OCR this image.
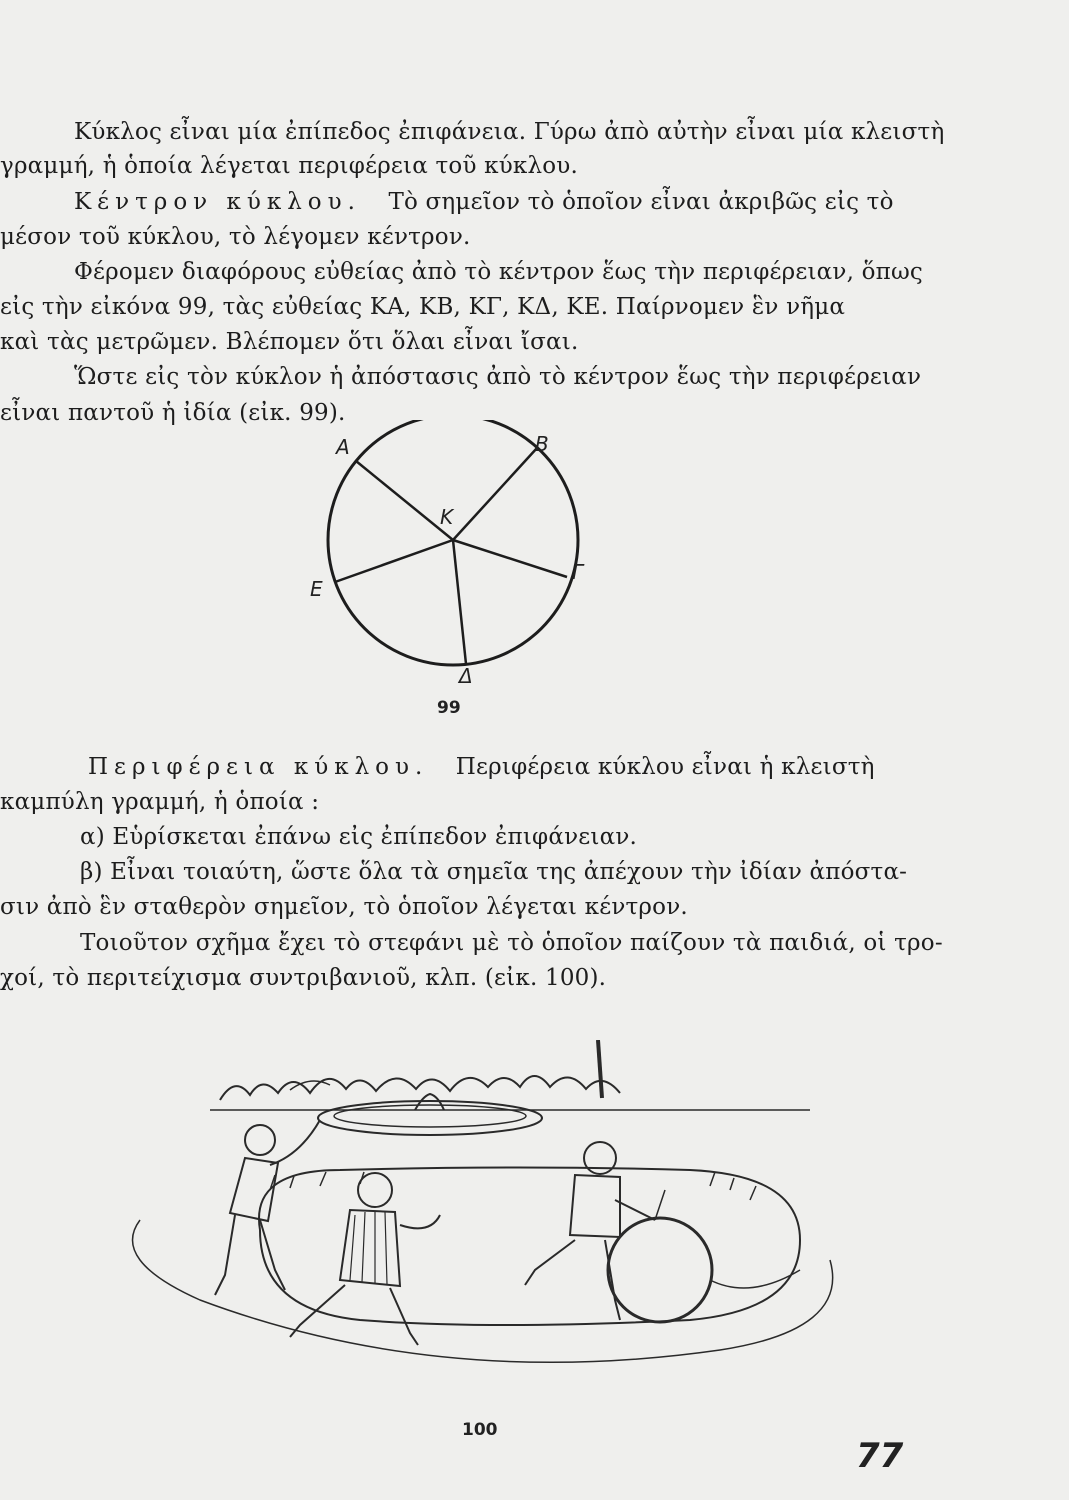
Κύκλος εἶναι μία ἐπίπεδος ἐπιφάνεια. Γύρω ἀπὸ αὐτὴν εἶναι μία κλειστὴ
γραμμή, ἡ ὁποία λέγεται περιφέρεια τοῦ κύκλου.
Κέντρον κύκλου. Τὸ σημεῖον τὸ ὁποῖον εἶναι ἀκριβῶς εἰς τὸ
μέσον τοῦ κύκλου, τὸ λέγομεν κέντρον.
Φέρομεν διαφόρους εὐθείας ἀπὸ τὸ κέντρον ἕως τὴν περιφέρειαν, ὅπως
εἰς τὴν εἰκόνα 99, τὰς εὐθείας ΚΑ, ΚΒ, ΚΓ, ΚΔ, ΚΕ. Παίρνομεν ἓν νῆμα
καὶ τὰς μετρῶμεν. Βλέπομεν ὅτι ὅλαι εἶναι ἴσαι.
Ὥστε εἰς τὸν κύκλον ἡ ἀπόστασις ἀπὸ τὸ κέντρον ἕως τὴν περιφέρειαν
εἶναι παντοῦ ἡ ἰδία (εἰκ. 99).
Α	Β
Κ
Γ
Ε
Δ
99
Περιφέρεια κύκλου. Περιφέρεια κύκλου εἶναι ἡ κλειστὴ
καμπύλη γραμμή, ἡ ὁποία :
α) Εὑρίσκεται ἐπάνω εἰς ἐπίπεδον ἐπιφάνειαν.
β) Εἶναι τοιαύτη, ὥστε ὅλα τὰ σημεῖα της ἀπέχουν τὴν ἰδίαν ἀπόστα-
σιν ἀπὸ ἓν σταθερὸν σημεῖον, τὸ ὁποῖον λέγεται κέντρον.
Τοιοῦτον σχῆμα ἔχει τὸ στεφάνι μὲ τὸ ὁποῖον παίζουν τὰ παιδιά, οἱ τρο-
χοί, τὸ περιτείχισμα συντριβανιοῦ, κλπ. (εἰκ. 100).
100
77
